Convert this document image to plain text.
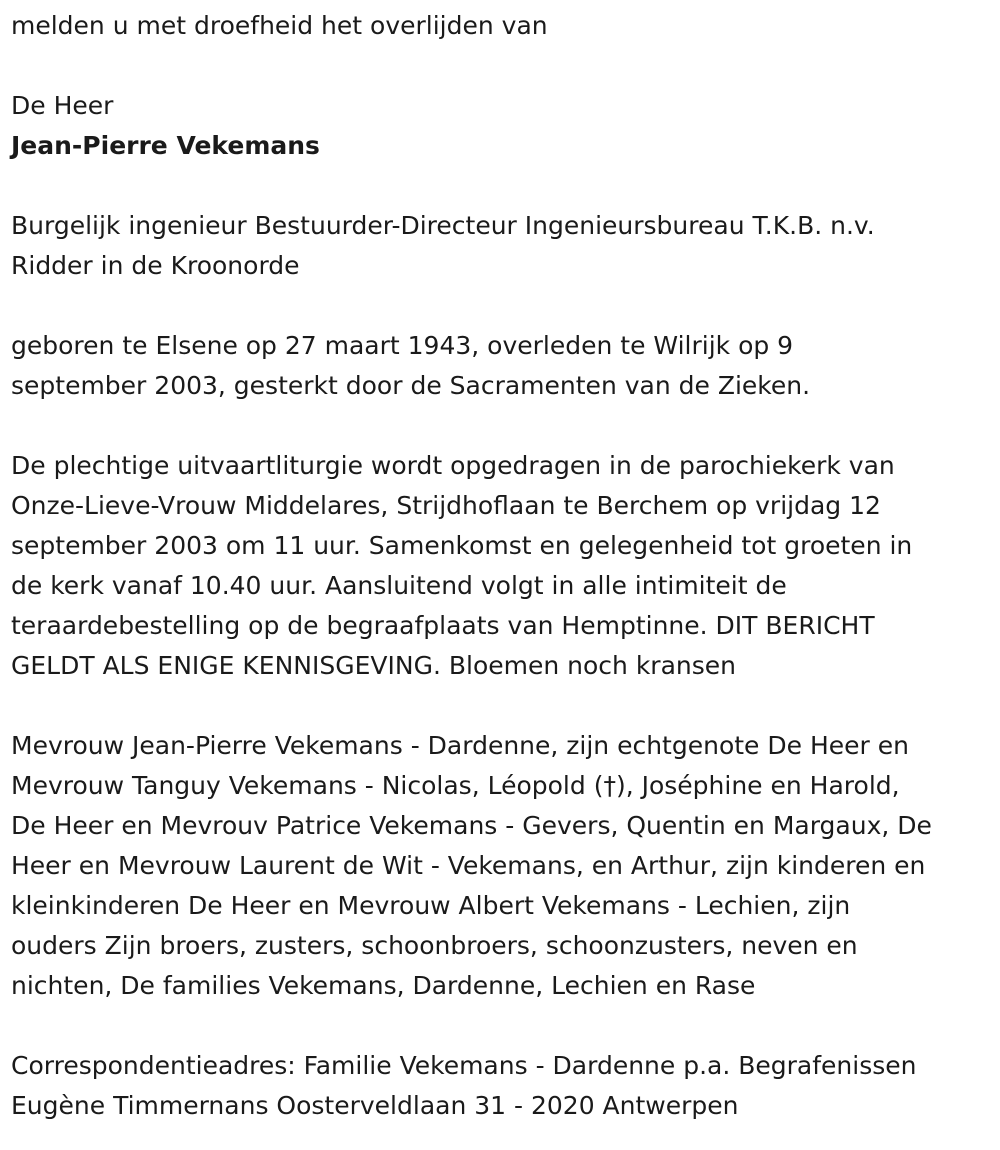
melden u met droefheid het overlijden van
De Heer
Jean-Pierre Vekemans
Burgelijk ingenieur Bestuurder-Directeur Ingenieursbureau T.K.B. n.v.
Ridder in de Kroonorde
geboren te Elsene op 27 maart 1943, overleden te Wilrijk op 9
september 2003, gesterkt door de Sacramenten van de Zieken.
De plechtige uitvaartliturgie wordt opgedragen in de parochiekerk van
Onze-Lieve-Vrouw Middelares, Strijdhoflaan te Berchem op vrijdag 12
september 2003 om 11 uur. Samenkomst en gelegenheid tot groeten in
de kerk vanaf 10.40 uur. Aansluitend volgt in alle intimiteit de
teraardebestelling op de begraafplaats van Hemptinne. DIT BERICHT
GELDT ALS ENIGE KENNISGEVING. Bloemen noch kransen
Mevrouw Jean-Pierre Vekemans - Dardenne, zijn echtgenote De Heer en
Mevrouw Tanguy Vekemans - Nicolas, Léopold (†), Joséphine en Harold,
De Heer en Mevrouv Patrice Vekemans - Gevers, Quentin en Margaux, De
Heer en Mevrouw Laurent de Wit - Vekemans, en Arthur, zijn kinderen en
kleinkinderen De Heer en Mevrouw Albert Vekemans - Lechien, zijn
ouders Zijn broers, zusters, schoonbroers, schoonzusters, neven en
nichten, De families Vekemans, Dardenne, Lechien en Rase
Correspondentieadres: Familie Vekemans - Dardenne p.a. Begrafenissen
Eugène Timmernans Oosterveldlaan 31 - 2020 Antwerpen
